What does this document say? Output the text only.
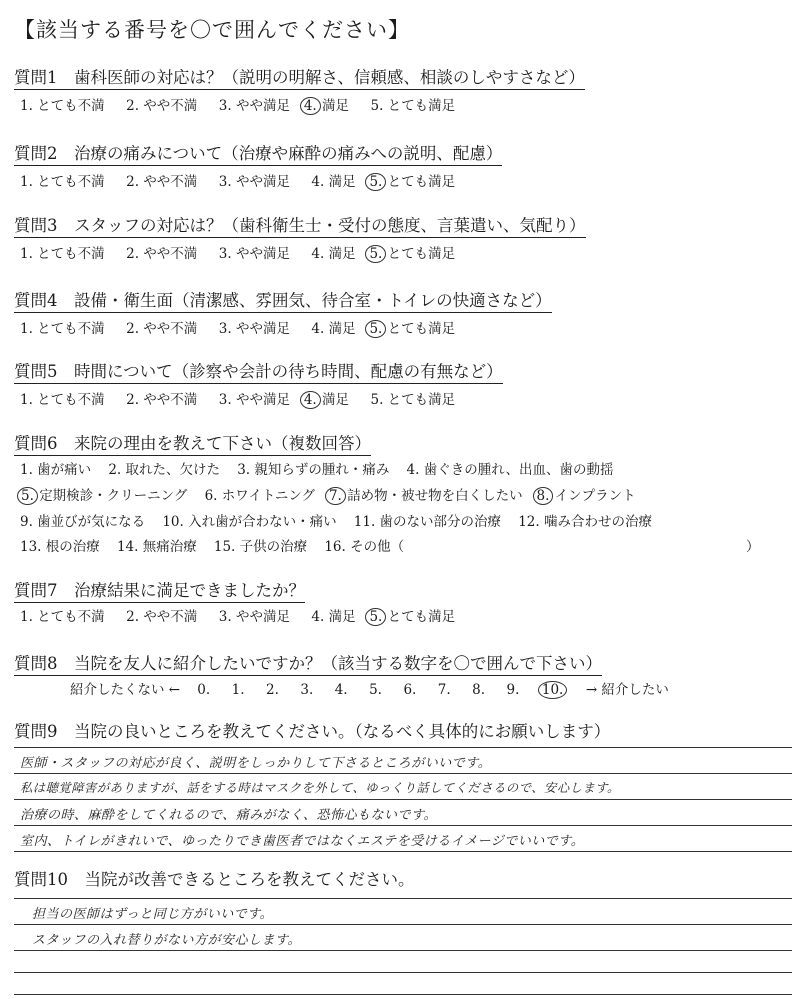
【該当する番号を〇で囲んでください】
質問1　歯科医師の対応は？（説明の明解さ、信頼感、相談のしやすさなど）
1. とても不満 2. やや不満 3. やや満足 4. 満足 5. とても満足
質問2　治療の痛みについて（治療や麻酔の痛みへの説明、配慮）
1. とても不満 2. やや不満 3. やや満足 4. 満足 5. とても満足
質問3　スタッフの対応は？（歯科衛生士・受付の態度、言葉遣い、気配り）
1. とても不満 2. やや不満 3. やや満足 4. 満足 5. とても満足
質問4　設備・衛生面（清潔感、雰囲気、待合室・トイレの快適さなど）
1. とても不満 2. やや不満 3. やや満足 4. 満足 5. とても満足
質問5　時間について（診察や会計の待ち時間、配慮の有無など）
1. とても不満 2. やや不満 3. やや満足 4. 満足 5. とても満足
質問6　来院の理由を教えて下さい（複数回答）
1. 歯が痛い 2. 取れた、欠けた 3. 親知らずの腫れ・痛み 4. 歯ぐきの腫れ、出血、歯の動揺
5. 定期検診・クリーニング 6. ホワイトニング 7. 詰め物・被せ物を白くしたい 8. インプラント
9. 歯並びが気になる 10. 入れ歯が合わない・痛い 11. 歯のない部分の治療 12. 噛み合わせの治療
13. 根の治療 14. 無痛治療 15. 子供の治療 16. その他（	）
質問7　治療結果に満足できましたか？
1. とても不満 2. やや不満 3. やや満足 4. 満足 5. とても満足
質問8　当院を友人に紹介したいですか？（該当する数字を〇で囲んで下さい）
紹介したくない ← 0. 1. 2. 3. 4. 5. 6. 7. 8. 9. 10. → 紹介したい
質問9　当院の良いところを教えてください。（なるべく具体的にお願いします）
医師・スタッフの対応が良く、説明をしっかりして下さるところがいいです。
私は聴覚障害がありますが、話をする時はマスクを外して、ゆっくり話してくださるので、安心します。
治療の時、麻酔をしてくれるので、痛みがなく、恐怖心もないです。
室内、トイレがきれいで、ゆったりでき歯医者ではなくエステを受けるイメージでいいです。
質問10　当院が改善できるところを教えてください。
担当の医師はずっと同じ方がいいです。
スタッフの入れ替りがない方が安心します。
